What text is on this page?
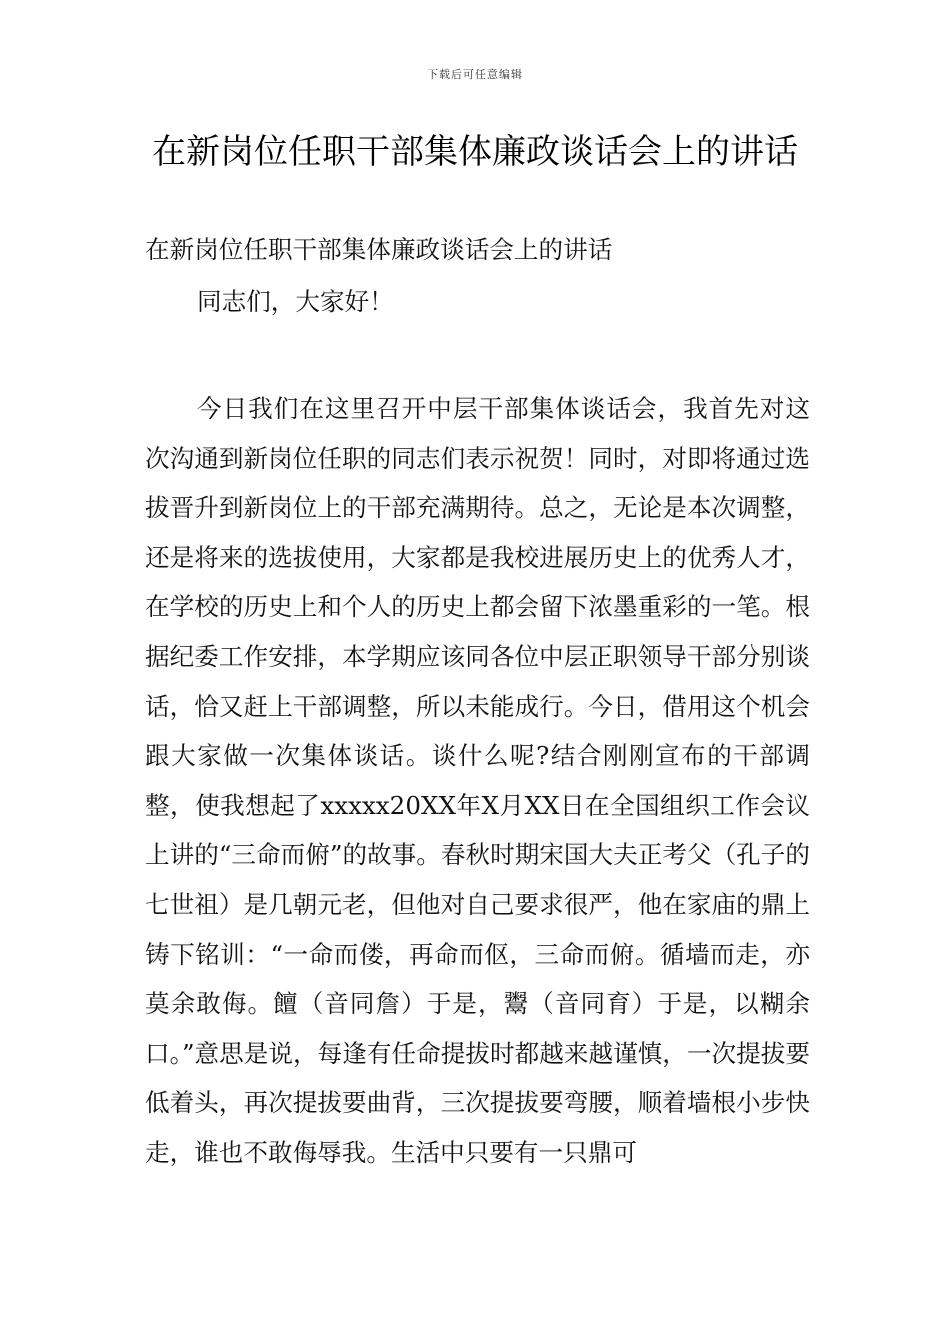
下载后可任意编辑
在新岗位任职干部集体廉政谈话会上的讲话

在新岗位任职干部集体廉政谈话会上的讲话

同志们，大家好！

今日我们在这里召开中层干部集体谈话会，我首先对这次沟通到新岗位任职的同志们表示祝贺！同时，对即将通过选拔晋升到新岗位上的干部充满期待。总之，无论是本次调整，还是将来的选拔使用，大家都是我校进展历史上的优秀人才，在学校的历史上和个人的历史上都会留下浓墨重彩的一笔。根据纪委工作安排，本学期应该同各位中层正职领导干部分别谈话，恰又赶上干部调整，所以未能成行。今日，借用这个机会跟大家做一次集体谈话。谈什么呢?结合刚刚宣布的干部调整，使我想起了xxxxx20XX年X月XX日在全国组织工作会议上讲的“三命而俯”的故事。春秋时期宋国大夫正考父（孔子的七世祖）是几朝元老，但他对自己要求很严，他在家庙的鼎上铸下铭训：“一命而偻，再命而伛，三命而俯。循墙而走，亦莫余敢侮。饘（音同詹）于是，鬻（音同育）于是，以糊余口。”意思是说，每逢有任命提拔时都越来越谨慎，一次提拔要低着头，再次提拔要曲背，三次提拔要弯腰，顺着墙根小步快走，谁也不敢侮辱我。生活中只要有一只鼎可
